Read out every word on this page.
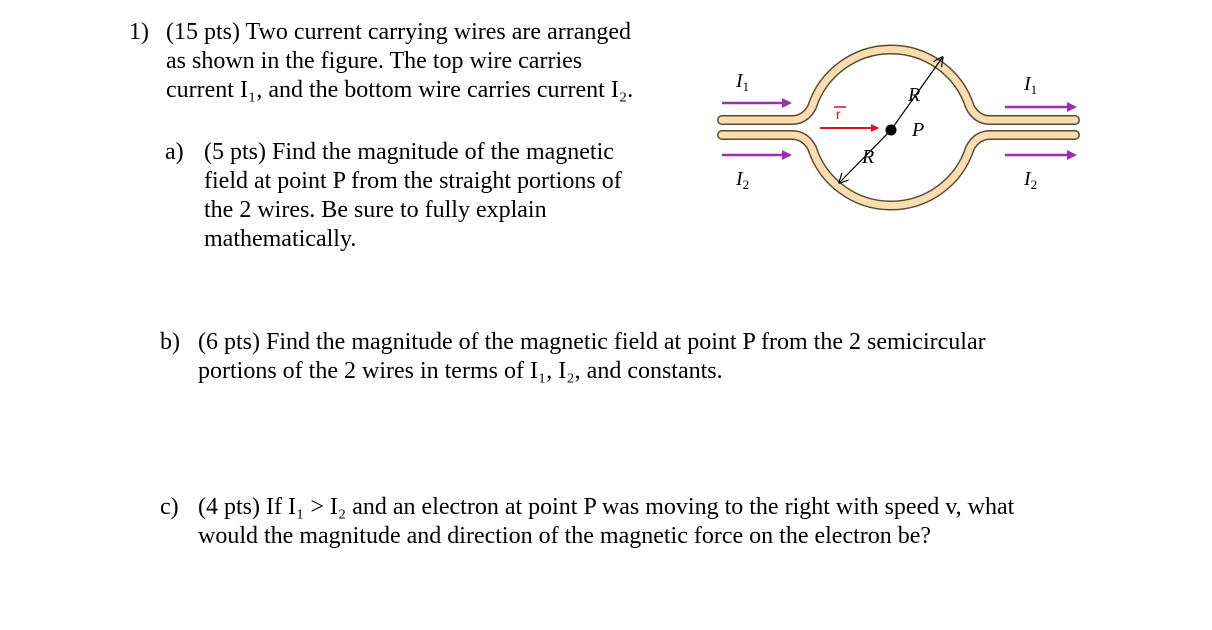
1) (15 pts) Two current carrying wires are arranged
as shown in the figure. The top wire carries
current I₁, and the bottom wire carries current I₂.
a) (5 pts) Find the magnitude of the magnetic
field at point P from the straight portions of
the 2 wires. Be sure to fully explain
mathematically.
b) (6 pts) Find the magnitude of the magnetic field at point P from the 2 semicircular
portions of the 2 wires in terms of I₁, I₂, and constants.
c) (4 pts) If I₁ > I₂ and an electron at point P was moving to the right with speed v, what
would the magnitude and direction of the magnetic force on the electron be?
$I_1$
$I_2$
$I_1$
$I_2$
P
R
R
r
